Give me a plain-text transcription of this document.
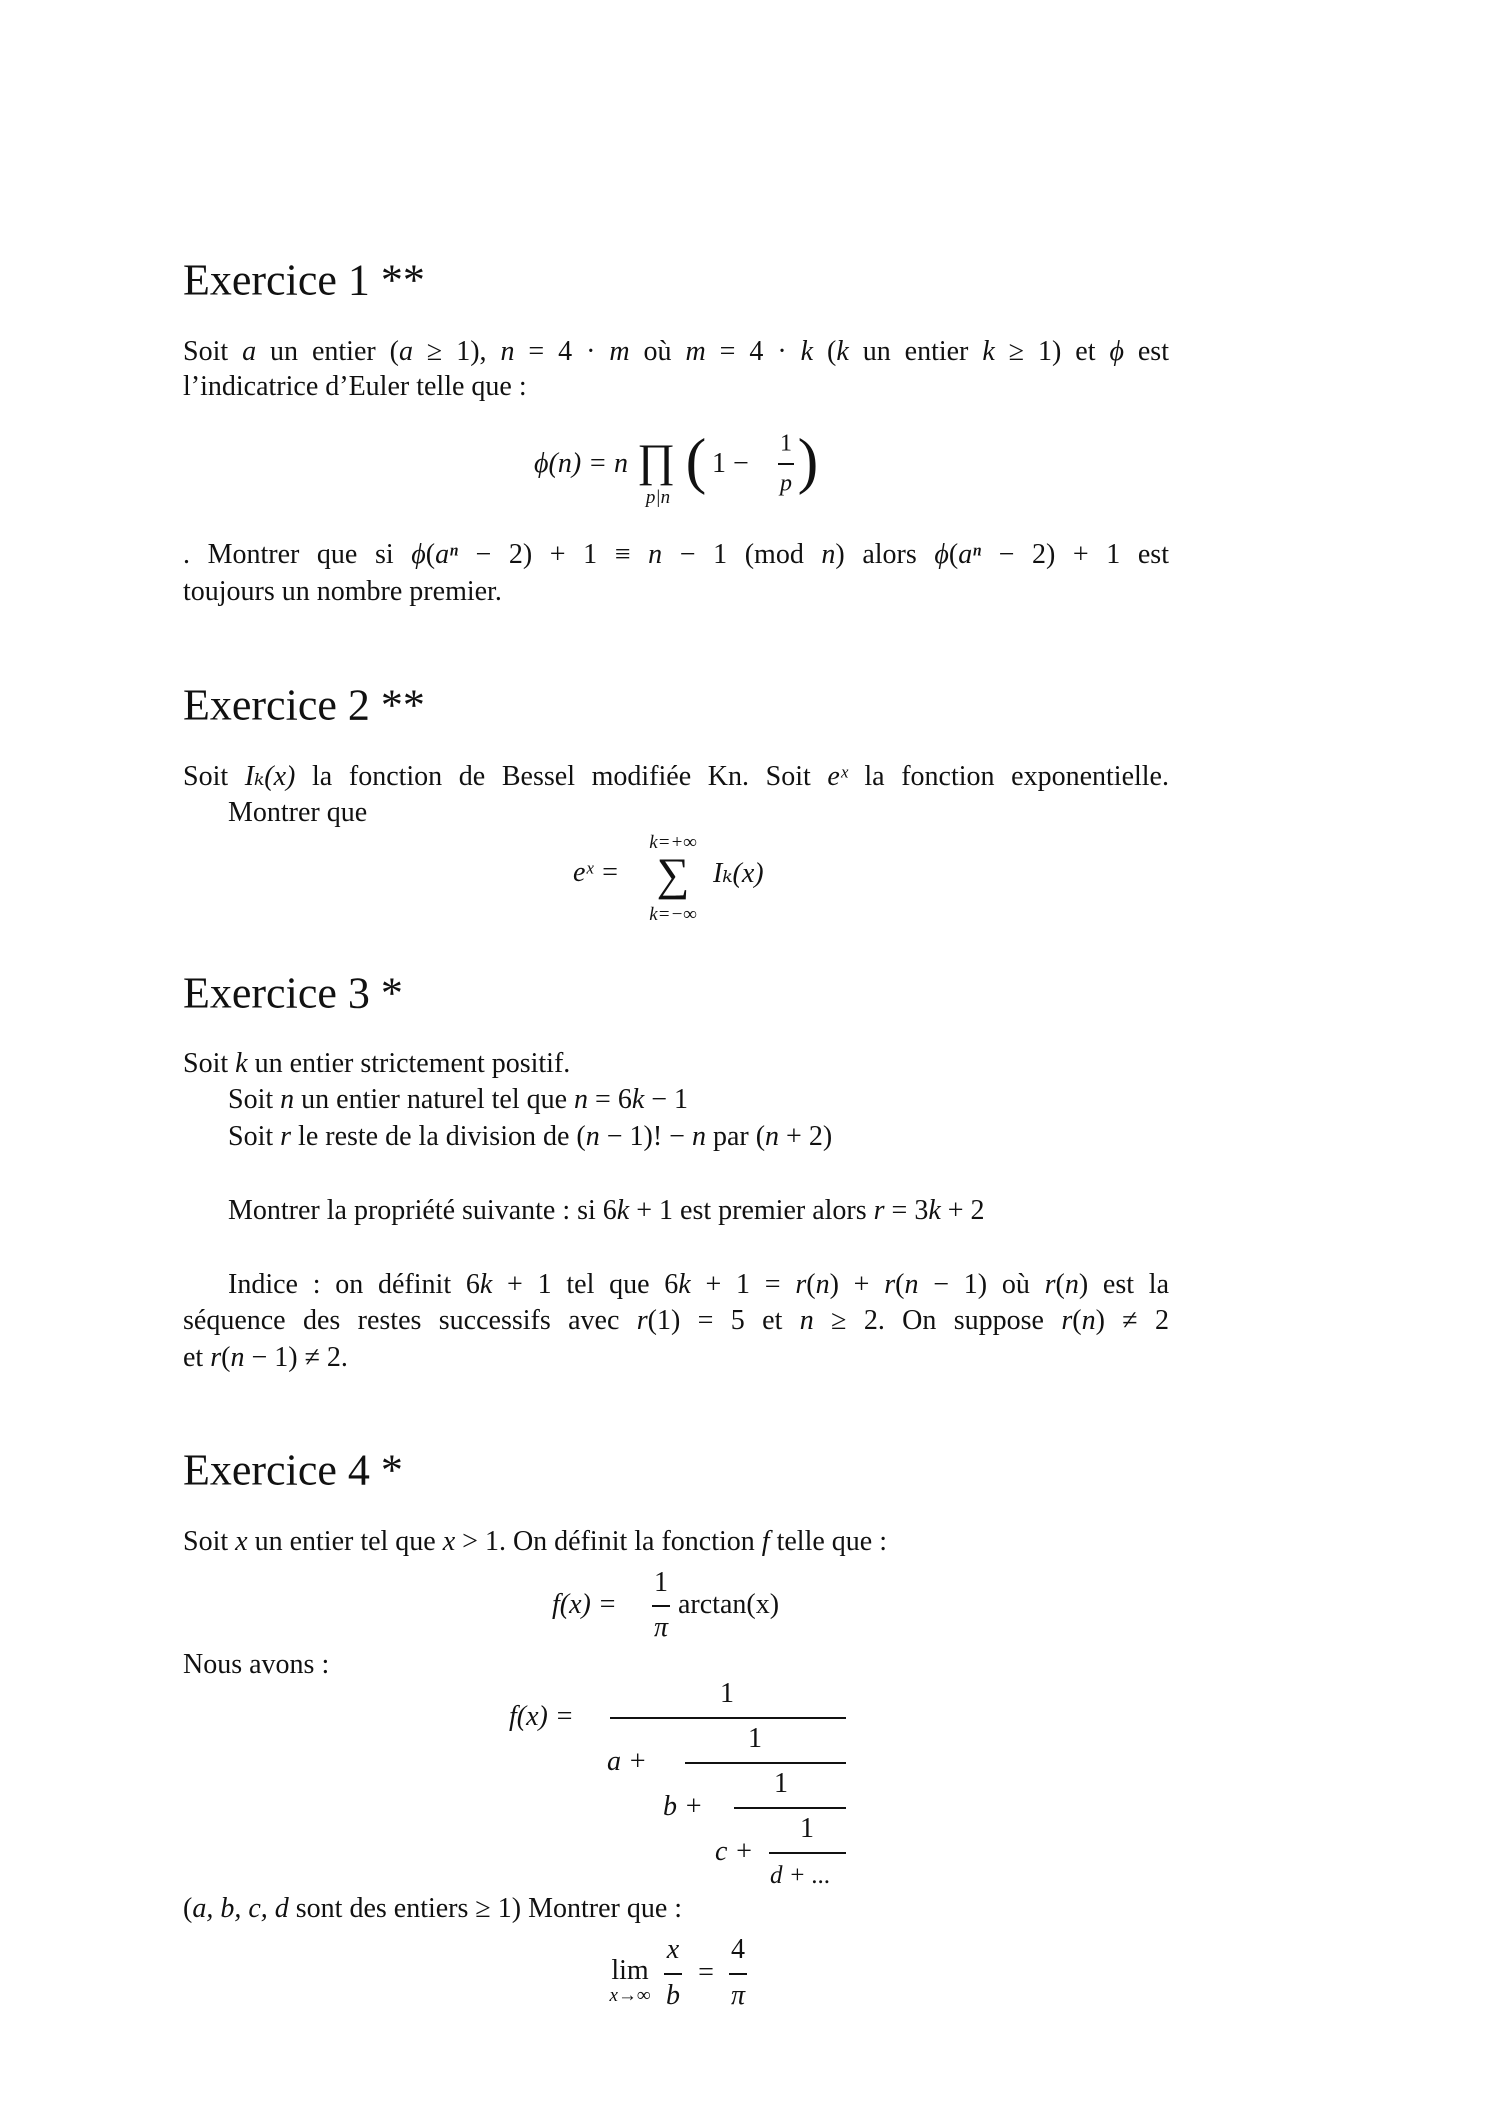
Exercice 1 **
Exercice 2 **
Exercice 3 *
Exercice 4 *
Soit a un entier (a ≥ 1), n = 4 · m où m = 4 · k (k un entier k ≥ 1) et ϕ est
l’indicatrice d’Euler telle que :
. Montrer que si ϕ(aⁿ − 2) + 1 ≡ n − 1 (mod n) alors ϕ(aⁿ − 2) + 1 est
toujours un nombre premier.
Soit Iₖ(x) la fonction de Bessel modifiée Kn. Soit eˣ la fonction exponentielle.
Montrer que
Soit k un entier strictement positif.
Soit n un entier naturel tel que n = 6k − 1
Soit r le reste de la division de (n − 1)! − n par (n + 2)
Montrer la propriété suivante : si 6k + 1 est premier alors r = 3k + 2
Indice : on définit 6k + 1 tel que 6k + 1 = r(n) + r(n − 1) où r(n) est la
séquence des restes successifs avec r(1) = 5 et n ≥ 2. On suppose r(n) ≠ 2
et r(n − 1) ≠ 2.
Soit x un entier tel que x > 1. On définit la fonction f telle que :
Nous avons :
(a, b, c, d sont des entiers ≥ 1) Montrer que :
ϕ(n) = n ∏
p|n
( 1 −
1
p )
eˣ =
k=+∞
∑
k=−∞
Iₖ(x)
f(x) =
1
π
arctan(x)
f(x) =
1
a +
1
b +
1
c +
1
d + ...
lim
x→∞
x
b
=
4
π
